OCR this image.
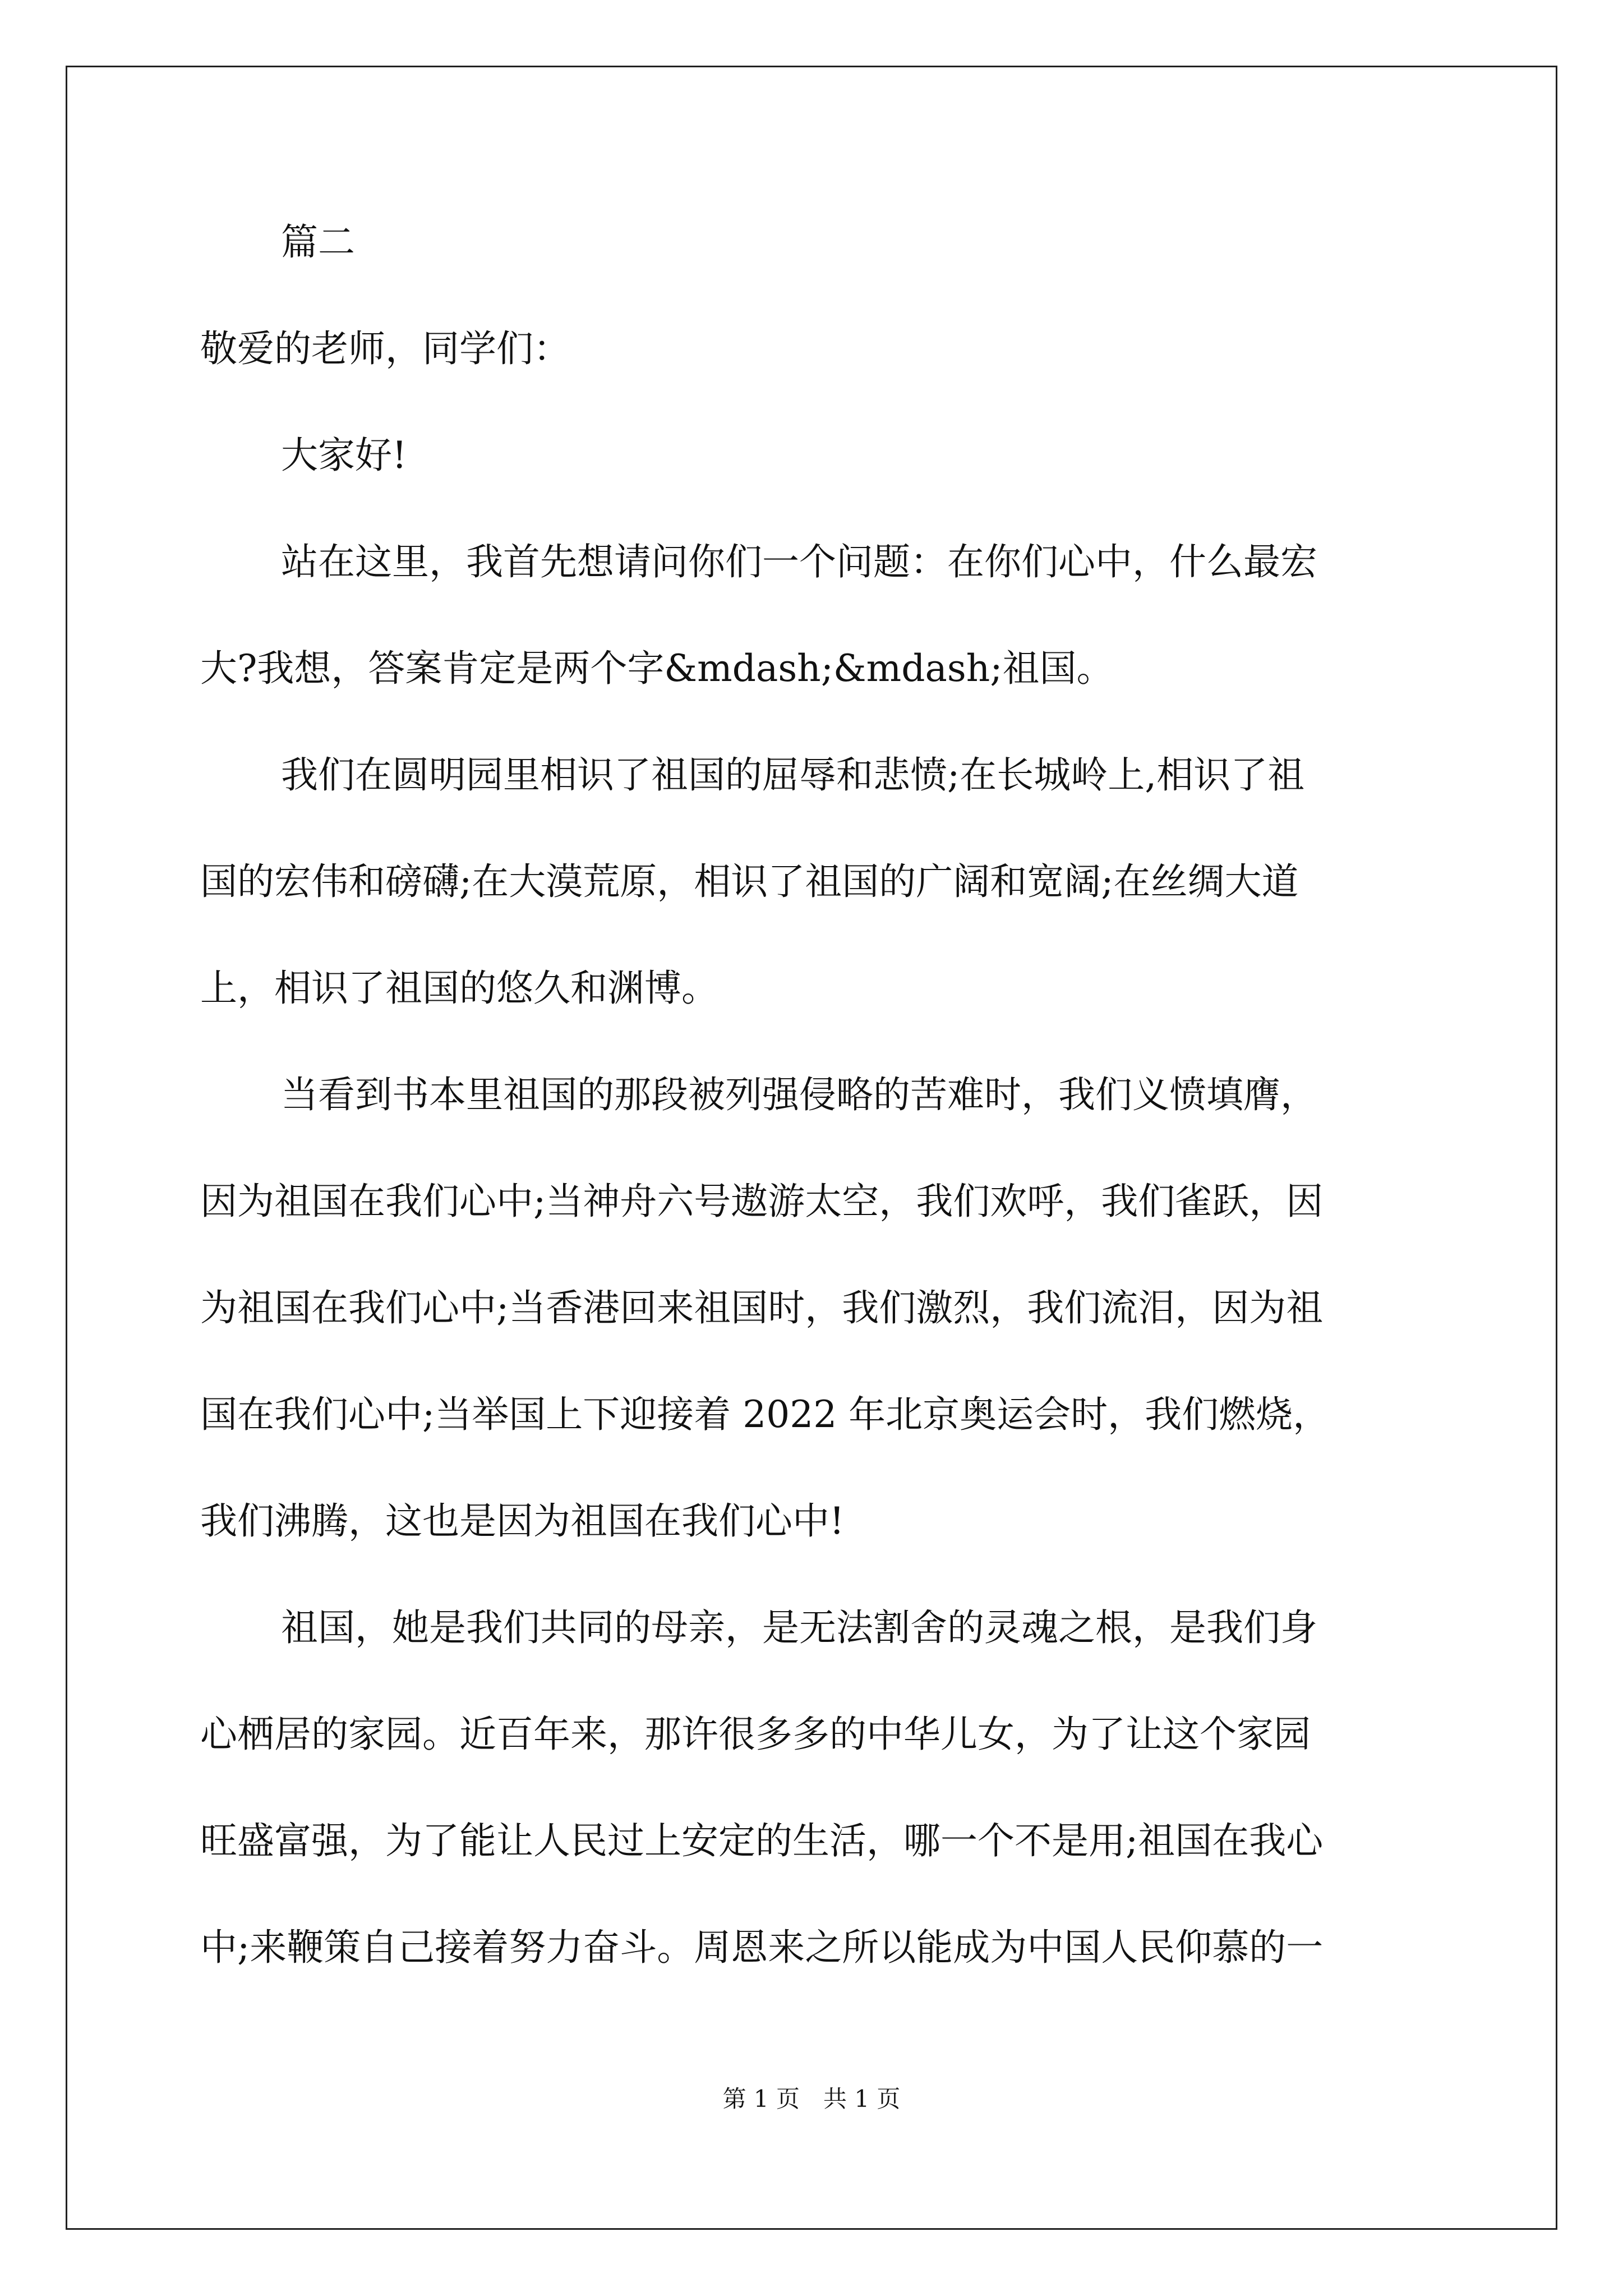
篇二
敬爱的老师，同学们：
大家好!
站在这里，我首先想请问你们一个问题：在你们心中，什么最宏
大?我想，答案肯定是两个字&mdash;&mdash;祖国。
我们在圆明园里相识了祖国的屈辱和悲愤;在长城岭上,相识了祖
国的宏伟和磅礴;在大漠荒原，相识了祖国的广阔和宽阔;在丝绸大道
上，相识了祖国的悠久和渊博。
当看到书本里祖国的那段被列强侵略的苦难时，我们义愤填膺，
因为祖国在我们心中;当神舟六号遨游太空，我们欢呼，我们雀跃，因
为祖国在我们心中;当香港回来祖国时，我们激烈，我们流泪，因为祖
国在我们心中;当举国上下迎接着 2022 年北京奥运会时，我们燃烧，
我们沸腾，这也是因为祖国在我们心中!
祖国，她是我们共同的母亲，是无法割舍的灵魂之根，是我们身
心栖居的家园。近百年来，那许很多多的中华儿女，为了让这个家园
旺盛富强，为了能让人民过上安定的生活，哪一个不是用;祖国在我心
中;来鞭策自己接着努力奋斗。周恩来之所以能成为中国人民仰慕的一
第 1 页　共 1 页
